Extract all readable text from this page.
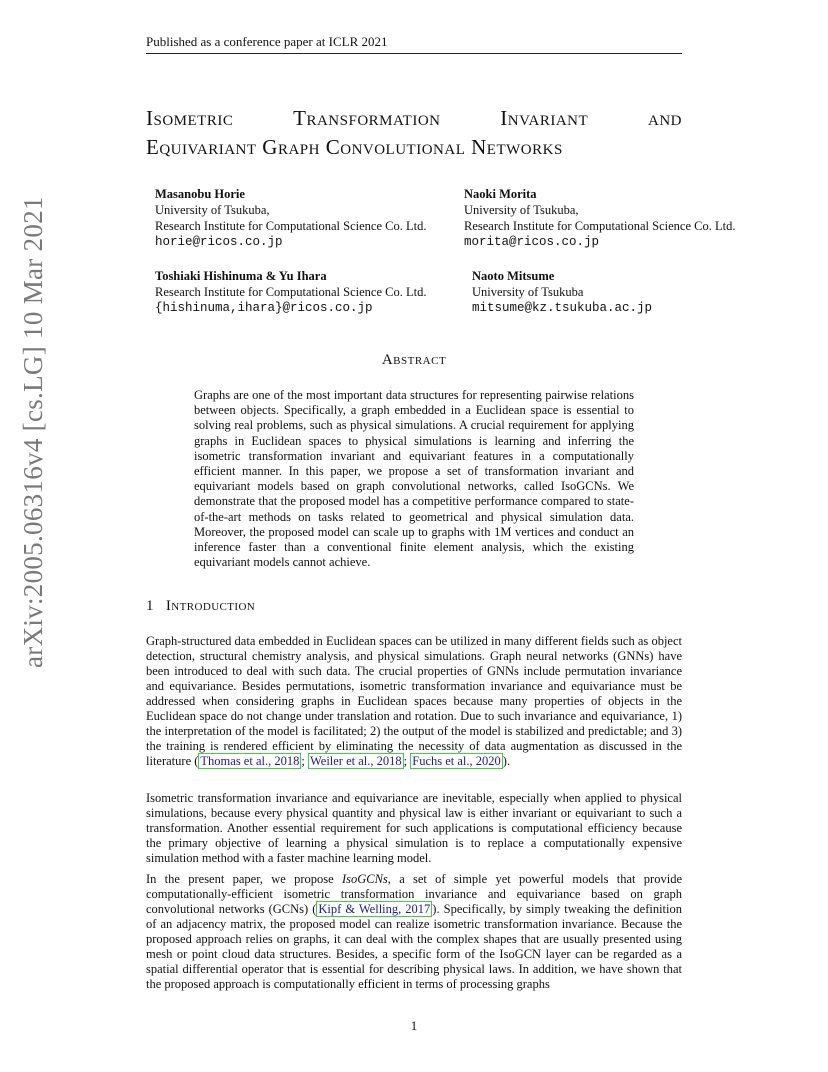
Published as a conference paper at ICLR 2021
Isometric	Transformation	Invariant	and
Equivariant Graph Convolutional Networks
Masanobu Horie
University of Tsukuba,
Research Institute for Computational Science Co. Ltd.
horie@ricos.co.jp
Naoki Morita
University of Tsukuba,
Research Institute for Computational Science Co. Ltd.
morita@ricos.co.jp
Toshiaki Hishinuma & Yu Ihara
Research Institute for Computational Science Co. Ltd.
{hishinuma,ihara}@ricos.co.jp
Naoto Mitsume
University of Tsukuba
mitsume@kz.tsukuba.ac.jp
arXiv:2005.06316v4 [cs.LG] 10 Mar 2021	Abstract
Graphs are one of the most important data structures for representing pairwise relations between objects. Specifically, a graph embedded in a Euclidean space is essential to solving real problems, such as physical simulations. A crucial requirement for applying graphs in Euclidean spaces to physical simulations is learning and inferring the isometric transformation invariant and equivariant features in a computationally efficient manner. In this paper, we propose a set of transformation invariant and equivariant models based on graph convolutional networks, called IsoGCNs. We demonstrate that the proposed model has a competitive performance compared to state-of-the-art methods on tasks related to geometrical and physical simulation data. Moreover, the proposed model can scale up to graphs with 1M vertices and conduct an inference faster than a conventional finite element analysis, which the existing equivariant models cannot achieve.
1 Introduction
Graph-structured data embedded in Euclidean spaces can be utilized in many different fields such as object detection, structural chemistry analysis, and physical simulations. Graph neural networks (GNNs) have been introduced to deal with such data. The crucial properties of GNNs include permutation invariance and equivariance. Besides permutations, isometric transformation invariance and equivariance must be addressed when considering graphs in Euclidean spaces because many properties of objects in the Euclidean space do not change under translation and rotation. Due to such invariance and equivariance, 1) the interpretation of the model is facilitated; 2) the output of the model is stabilized and predictable; and 3) the training is rendered efficient by eliminating the necessity of data augmentation as discussed in the literature ( Thomas et al., 2018 ; Weiler et al., 2018 ; Fuchs et al., 2020 ).
Isometric transformation invariance and equivariance are inevitable, especially when applied to physical simulations, because every physical quantity and physical law is either invariant or equivariant to such a transformation. Another essential requirement for such applications is computational efficiency because the primary objective of learning a physical simulation is to replace a computationally expensive simulation method with a faster machine learning model.
In the present paper, we propose IsoGCNs, a set of simple yet powerful models that provide computationally-efficient isometric transformation invariance and equivariance based on graph convolutional networks (GCNs) ( Kipf & Welling, 2017 ). Specifically, by simply tweaking the definition of an adjacency matrix, the proposed model can realize isometric transformation invariance. Because the proposed approach relies on graphs, it can deal with the complex shapes that are usually presented using mesh or point cloud data structures. Besides, a specific form of the IsoGCN layer can be regarded as a spatial differential operator that is essential for describing physical laws. In addition, we have shown that the proposed approach is computationally efficient in terms of processing graphs
1
